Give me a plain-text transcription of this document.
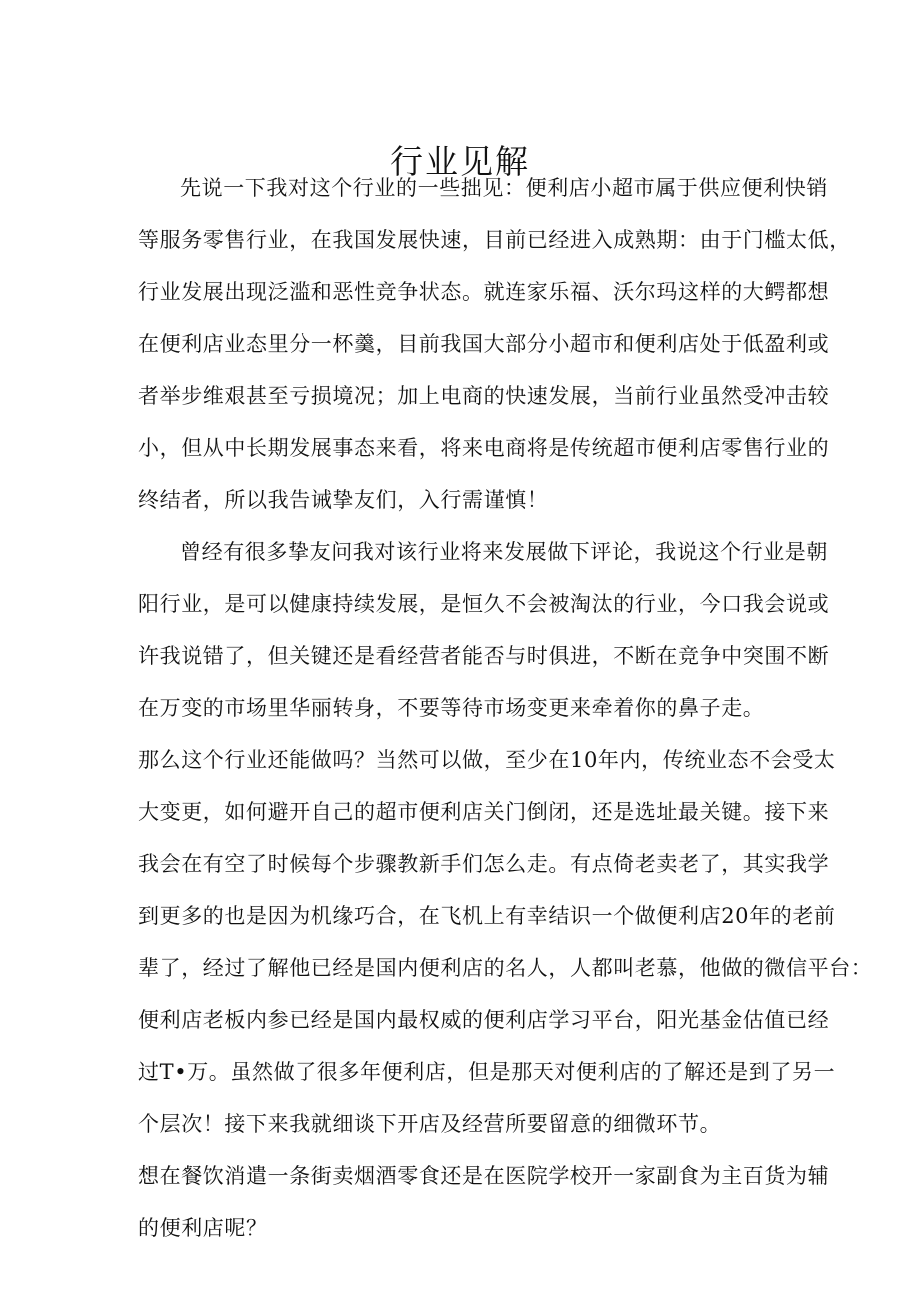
行业见解
先说一下我对这个行业的一些拙见：便利店小超市属于供应便利快销
等服务零售行业，在我国发展快速，目前已经进入成熟期：由于门槛太低，
行业发展出现泛滥和恶性竞争状态。就连家乐福、沃尔玛这样的大鳄都想
在便利店业态里分一杯羹，目前我国大部分小超市和便利店处于低盈利或
者举步维艰甚至亏损境况；加上电商的快速发展，当前行业虽然受冲击较
小，但从中长期发展事态来看，将来电商将是传统超市便利店零售行业的
终结者，所以我告诫挚友们，入行需谨慎！
曾经有很多挚友问我对该行业将来发展做下评论，我说这个行业是朝
阳行业，是可以健康持续发展，是恒久不会被淘汰的行业，今口我会说或
许我说错了，但关键还是看经营者能否与时俱进，不断在竞争中突围不断
在万变的市场里华丽转身，不要等待市场变更来牵着你的鼻子走。
那么这个行业还能做吗？当然可以做，至少在10年内，传统业态不会受太
大变更，如何避开自己的超市便利店关门倒闭，还是选址最关键。接下来
我会在有空了时候每个步骤教新手们怎么走。有点倚老卖老了，其实我学
到更多的也是因为机缘巧合，在飞机上有幸结识一个做便利店20年的老前
辈了，经过了解他已经是国内便利店的名人，人都叫老慕，他做的微信平台：
便利店老板内参已经是国内最权威的便利店学习平台，阳光基金估值已经
过T•万。虽然做了很多年便利店，但是那天对便利店的了解还是到了另一
个层次！接下来我就细谈下开店及经营所要留意的细微环节。
想在餐饮消遣一条街卖烟酒零食还是在医院学校开一家副食为主百货为辅
的便利店呢？
